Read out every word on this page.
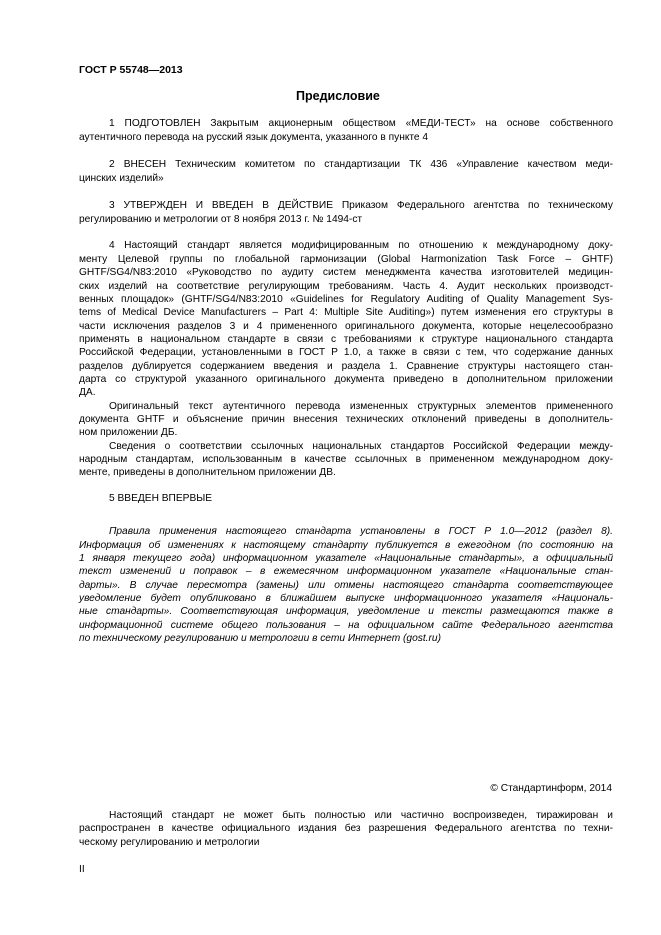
ГОСТ Р 55748—2013
Предисловие
1 ПОДГОТОВЛЕН Закрытым акционерным обществом «МЕДИ-ТЕСТ» на основе собственного
аутентичного перевода на русский язык документа, указанного в пункте 4
2 ВНЕСЕН Техническим комитетом по стандартизации ТК 436 «Управление качеством меди-
цинских изделий»
3 УТВЕРЖДЕН И ВВЕДЕН В ДЕЙСТВИЕ Приказом Федерального агентства по техническому
регулированию и метрологии от 8 ноября 2013 г. № 1494-ст
4 Настоящий стандарт является модифицированным по отношению к международному доку-
менту Целевой группы по глобальной гармонизации (Global Harmonization Task Force – GHTF)
GHTF/SG4/N83:2010 «Руководство по аудиту систем менеджмента качества изготовителей медицин-
ских изделий на соответствие регулирующим требованиям. Часть 4. Аудит нескольких производст-
венных площадок» (GHTF/SG4/N83:2010 «Guidelines for Regulatory Auditing of Quality Management Sys-
tems of Medical Device Manufacturers – Part 4: Multiple Site Auditing») путем изменения его структуры в
части исключения разделов 3 и 4 примененного оригинального документа, которые нецелесообразно
применять в национальном стандарте в связи с требованиями к структуре национального стандарта
Российской Федерации, установленными в ГОСТ Р 1.0, а также в связи с тем, что содержание данных
разделов дублируется содержанием введения и раздела 1. Сравнение структуры настоящего стан-
дарта со структурой указанного оригинального документа приведено в дополнительном приложении
ДА.
Оригинальный текст аутентичного перевода измененных структурных элементов примененного
документа GHTF и объяснение причин внесения технических отклонений приведены в дополнитель-
ном приложении ДБ.
Сведения о соответствии ссылочных национальных стандартов Российской Федерации между-
народным стандартам, использованным в качестве ссылочных в примененном международном доку-
менте, приведены в дополнительном приложении ДВ.
5 ВВЕДЕН ВПЕРВЫЕ
Правила применения настоящего стандарта установлены в ГОСТ Р 1.0—2012 (раздел 8).
Информация об изменениях к настоящему стандарту публикуется в ежегодном (по состоянию на
1 января текущего года) информационном указателе «Национальные стандарты», а официальный
текст изменений и поправок – в ежемесячном информационном указателе «Национальные стан-
дарты». В случае пересмотра (замены) или отмены настоящего стандарта соответствующее
уведомление будет опубликовано в ближайшем выпуске информационного указателя «Националь-
ные стандарты». Соответствующая информация, уведомление и тексты размещаются также в
информационной системе общего пользования – на официальном сайте Федерального агентства
по техническому регулированию и метрологии в сети Интернет (gost.ru)
© Стандартинформ, 2014
Настоящий стандарт не может быть полностью или частично воспроизведен, тиражирован и
распространен в качестве официального издания без разрешения Федерального агентства по техни-
ческому регулированию и метрологии
II
